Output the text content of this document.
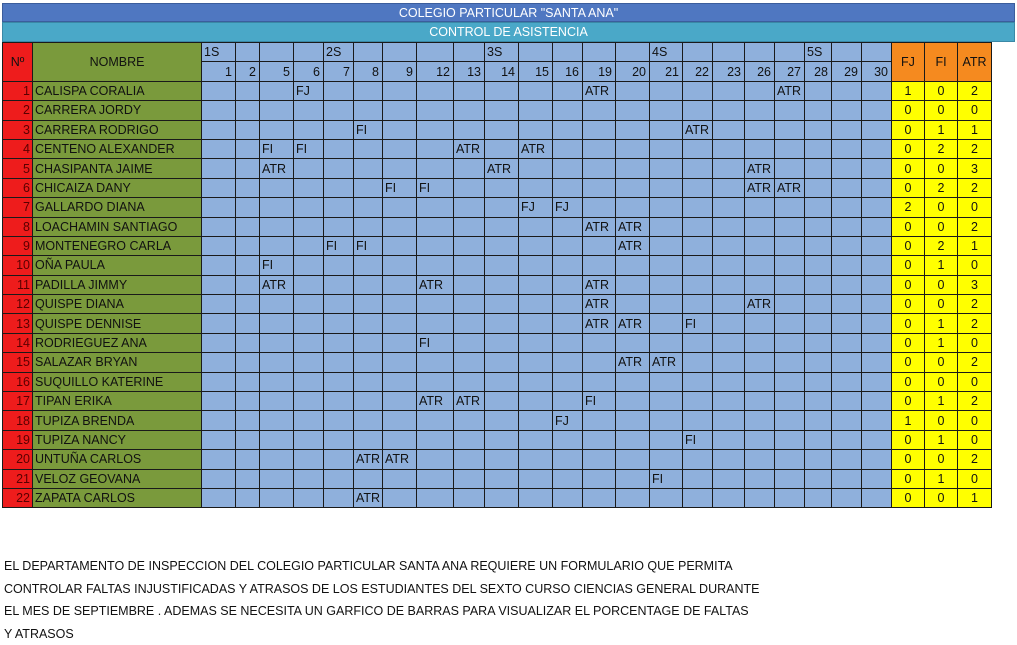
COLEGIO PARTICULAR "SANTA ANA"
CONTROL DE ASISTENCIA
Nº	NOMBRE	1S				2S					3S					4S					5S			FJ	FI	ATR
		1	2	5	6	7	8	9	12	13	14	15	16	19	20	21	22	23	26	27	28	29	30			
1	CALISPA CORALIA				FJ									ATR						ATR				1	0	2
2	CARRERA JORDY																							0	0	0
3	CARRERA RODRIGO						FI										ATR							0	1	1
4	CENTENO ALEXANDER			FI	FI					ATR		ATR												0	2	2
5	CHASIPANTA JAIME			ATR							ATR								ATR					0	0	3
6	CHICAIZA DANY							FI	FI										ATR	ATR				0	2	2
7	GALLARDO DIANA											FJ	FJ											2	0	0
8	LOACHAMIN SANTIAGO													ATR	ATR									0	0	2
9	MONTENEGRO CARLA					FI	FI								ATR									0	2	1
10	OÑA PAULA			FI																				0	1	0
11	PADILLA JIMMY			ATR					ATR					ATR										0	0	3
12	QUISPE DIANA													ATR					ATR					0	0	2
13	QUISPE DENNISE													ATR	ATR		FI							0	1	2
14	RODRIEGUEZ ANA								FI															0	1	0
15	SALAZAR BRYAN														ATR	ATR								0	0	2
16	SUQUILLO KATERINE																							0	0	0
17	TIPAN ERIKA								ATR	ATR				FI										0	1	2
18	TUPIZA BRENDA												FJ											1	0	0
19	TUPIZA NANCY																FI							0	1	0
20	UNTUÑA CARLOS						ATR	ATR																0	0	2
21	VELOZ GEOVANA															FI								0	1	0
22	ZAPATA CARLOS						ATR																	0	0	1
EL DEPARTAMENTO DE INSPECCION DEL COLEGIO PARTICULAR SANTA ANA REQUIERE UN FORMULARIO QUE PERMITA
CONTROLAR FALTAS INJUSTIFICADAS Y ATRASOS DE LOS ESTUDIANTES DEL SEXTO CURSO CIENCIAS GENERAL DURANTE
EL MES DE SEPTIEMBRE . ADEMAS SE NECESITA UN GARFICO DE BARRAS PARA VISUALIZAR EL PORCENTAGE DE FALTAS
Y ATRASOS
